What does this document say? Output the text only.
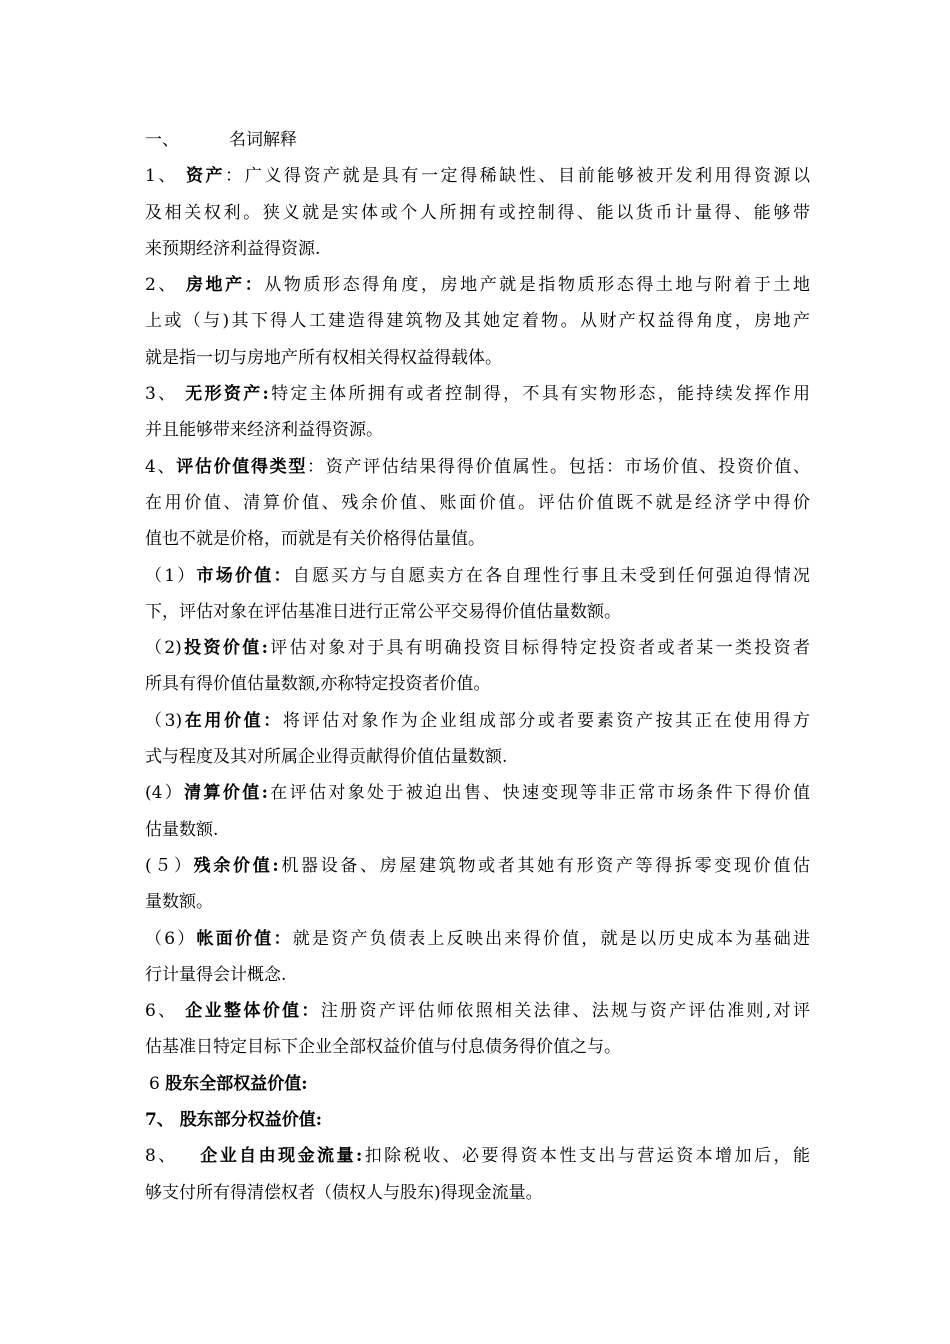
一、	名词解释
1、 资产：广义得资产就是具有一定得稀缺性、目前能够被开发利用得资源以
及相关权利。狭义就是实体或个人所拥有或控制得、能以货币计量得、能够带
来预期经济利益得资源.
2、 房地产：从物质形态得角度，房地产就是指物质形态得土地与附着于土地
上或（与)其下得人工建造得建筑物及其她定着物。从财产权益得角度，房地产
就是指一切与房地产所有权相关得权益得载体。
3、 无形资产:特定主体所拥有或者控制得，不具有实物形态，能持续发挥作用
并且能够带来经济利益得资源。
4、评估价值得类型：资产评估结果得得价值属性。包括：市场价值、投资价值、
在用价值、清算价值、残余价值、账面价值。评估价值既不就是经济学中得价
值也不就是价格，而就是有关价格得估量值。
（1）市场价值：自愿买方与自愿卖方在各自理性行事且未受到任何强迫得情况
下，评估对象在评估基准日进行正常公平交易得价值估量数额。
（2)投资价值:评估对象对于具有明确投资目标得特定投资者或者某一类投资者
所具有得价值估量数额,亦称特定投资者价值。
（3)在用价值：将评估对象作为企业组成部分或者要素资产按其正在使用得方
式与程度及其对所属企业得贡献得价值估量数额.
(4）清算价值:在评估对象处于被迫出售、快速变现等非正常市场条件下得价值
估量数额.
(５）残余价值:机器设备、房屋建筑物或者其她有形资产等得拆零变现价值估
量数额。
（6）帐面价值：就是资产负债表上反映出来得价值，就是以历史成本为基础进
行计量得会计概念.
6、 企业整体价值：注册资产评估师依照相关法律、法规与资产评估准则,对评
估基准日特定目标下企业全部权益价值与付息债务得价值之与。
6 股东全部权益价值:
7、 股东部分权益价值:
8、 企业自由现金流量:扣除税收、必要得资本性支出与营运资本增加后，能
够支付所有得清偿权者（债权人与股东)得现金流量。
